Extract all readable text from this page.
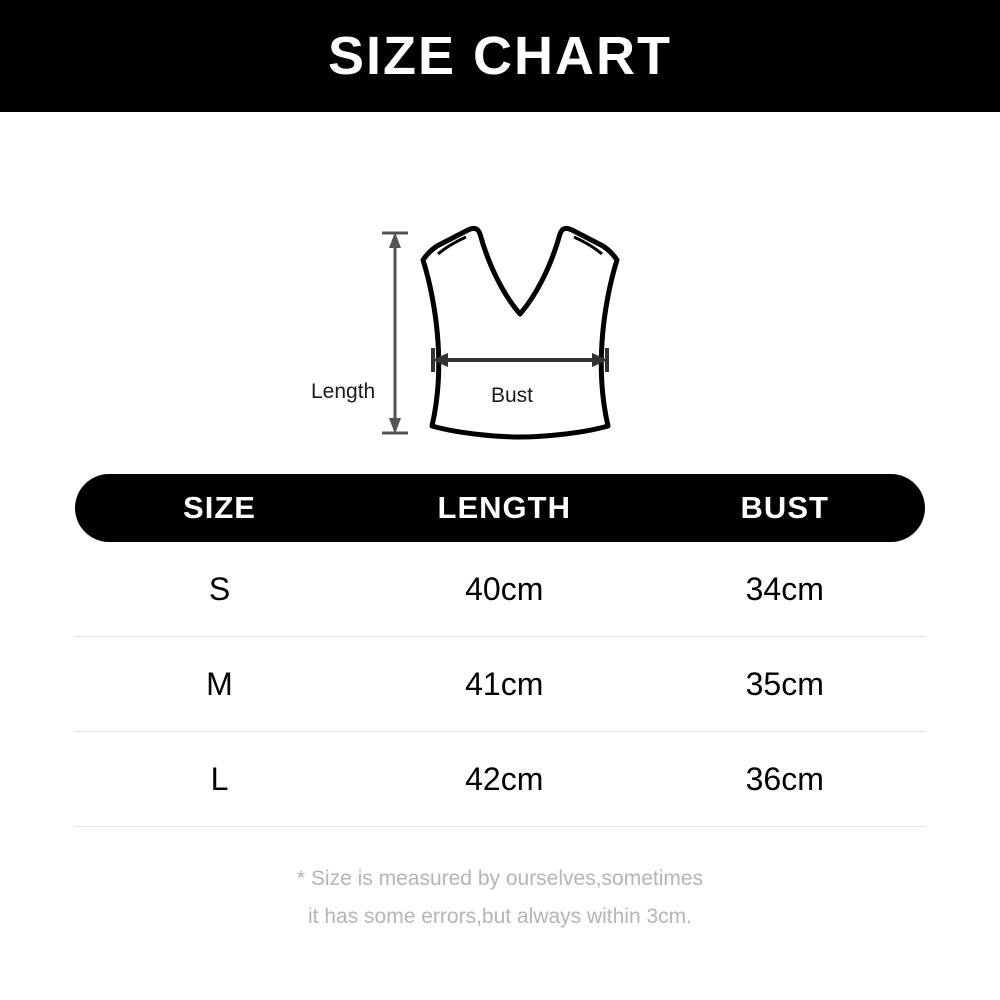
SIZE CHART
Length	Bust
SIZE	LENGTH	BUST
S	40cm	34cm
M	41cm	35cm
L	42cm	36cm
* Size is measured by ourselves,sometimes
it has some errors,but always within 3cm.
